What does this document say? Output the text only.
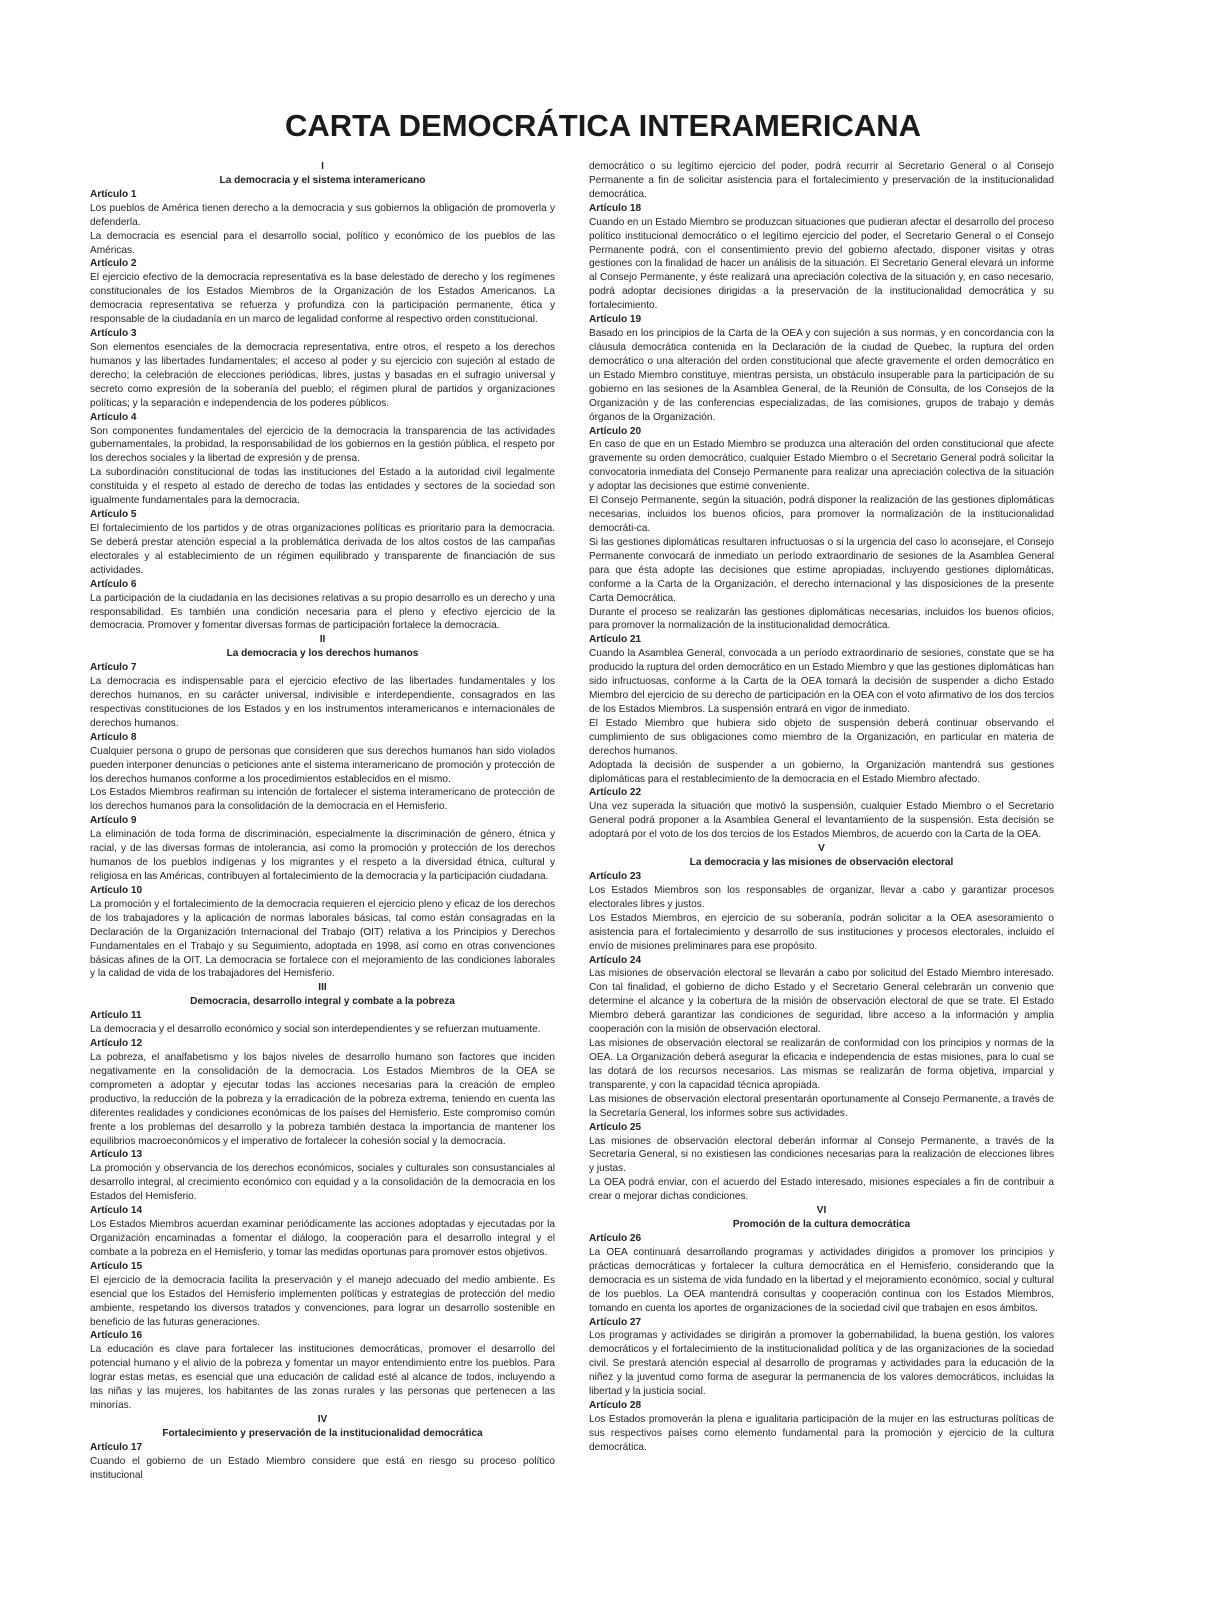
CARTA DEMOCRÁTICA INTERAMERICANA
I
La democracia y el sistema interamericano
Artículo 1

Los pueblos de América tienen derecho a la democracia y sus gobiernos la obligación de promoverla y defenderla.

La democracia es esencial para el desarrollo social, político y económico de los pueblos de las Américas.

Artículo 2

El ejercicio efectivo de la democracia representativa es la base delestado de derecho y los regímenes constitucionales de los Estados Miembros de la Organización de los Estados Americanos. La democracia representativa se refuerza y profundiza con la participación permanente, ética y responsable de la ciudadanía en un marco de legalidad conforme al respectivo orden constitucional.

Artículo 3

Son elementos esenciales de la democracia representativa, entre otros, el respeto a los derechos humanos y las libertades fundamentales; el acceso al poder y su ejercicio con sujeción al estado de derecho; la celebración de elecciones periódicas, libres, justas y basadas en el sufragio universal y secreto como expresión de la soberanía del pueblo; el régimen plural de partidos y organizaciones políticas; y la separación e independencia de los poderes públicos.

Artículo 4

Son componentes fundamentales del ejercicio de la democracia la transparencia de las actividades gubernamentales, la probidad, la responsabilidad de los gobiernos en la gestión pública, el respeto por los derechos sociales y la libertad de expresión y de prensa.

La subordinación constitucional de todas las instituciones del Estado a la autoridad civil legalmente constituida y el respeto al estado de derecho de todas las entidades y sectores de la sociedad son igualmente fundamentales para la democracia.

Artículo 5

El fortalecimiento de los partidos y de otras organizaciones políticas es prioritario para la democracia. Se deberá prestar atención especial a la problemática derivada de los altos costos de las campañas electorales y al establecimiento de un régimen equilibrado y transparente de financiación de sus actividades.

Artículo 6

La participación de la ciudadanía en las decisiones relativas a su propio desarrollo es un derecho y una responsabilidad. Es también una condición necesaria para el pleno y efectivo ejercicio de la democracia. Promover y fomentar diversas formas de participación fortalece la democracia.

II
La democracia y los derechos humanos
Artículo 7

La democracia es indispensable para el ejercicio efectivo de las libertades fundamentales y los derechos humanos, en su carácter universal, indivisible e interdependiente, consagrados en las respectivas constituciones de los Estados y en los instrumentos interamericanos e internacionales de derechos humanos.

Artículo 8

Cualquier persona o grupo de personas que consideren que sus derechos humanos han sido violados pueden interponer denuncias o peticiones ante el sistema interamericano de promoción y protección de los derechos humanos conforme a los procedimientos establecidos en el mismo.

Los Estados Miembros reafirman su intención de fortalecer el sistema interamericano de protección de los derechos humanos para la consolidación de la democracia en el Hemisferio.

Artículo 9

La eliminación de toda forma de discriminación, especialmente la discriminación de género, étnica y racial, y de las diversas formas de intolerancia, así como la promoción y protección de los derechos humanos de los pueblos indígenas y los migrantes y el respeto a la diversidad étnica, cultural y religiosa en las Américas, contribuyen al fortalecimiento de la democracia y la participación ciudadana.

Artículo 10

La promoción y el fortalecimiento de la democracia requieren el ejercicio pleno y eficaz de los derechos de los trabajadores y la aplicación de normas laborales básicas, tal como están consagradas en la Declaración de la Organización Internacional del Trabajo (OIT) relativa a los Principios y Derechos Fundamentales en el Trabajo y su Seguimiento, adoptada en 1998, así como en otras convenciones básicas afines de la OIT. La democracia se fortalece con el mejoramiento de las condiciones laborales y la calidad de vida de los trabajadores del Hemisferio.

III
Democracia, desarrollo integral y combate a la pobreza
Artículo 11

La democracia y el desarrollo económico y social son interdependientes y se refuerzan mutuamente.

Artículo 12

La pobreza, el analfabetismo y los bajos niveles de desarrollo humano son factores que inciden negativamente en la consolidación de la democracia. Los Estados Miembros de la OEA se comprometen a adoptar y ejecutar todas las acciones necesarias para la creación de empleo productivo, la reducción de la pobreza y la erradicación de la pobreza extrema, teniendo en cuenta las diferentes realidades y condiciones económicas de los países del Hemisferio. Este compromiso común frente a los problemas del desarrollo y la pobreza también destaca la importancia de mantener los equilibrios macroeconómicos y el imperativo de fortalecer la cohesión social y la democracia.

Artículo 13

La promoción y observancia de los derechos económicos, sociales y culturales son consustanciales al desarrollo integral, al crecimiento económico con equidad y a la consolidación de la democracia en los Estados del Hemisferio.

Artículo 14

Los Estados Miembros acuerdan examinar periódicamente las acciones adoptadas y ejecutadas por la Organización encaminadas a fomentar el diálogo, la cooperación para el desarrollo integral y el combate a la pobreza en el Hemisferio, y tomar las medidas oportunas para promover estos objetivos.

Artículo 15

El ejercicio de la democracia facilita la preservación y el manejo adecuado del medio ambiente. Es esencial que los Estados del Hemisferio implementen políticas y estrategias de protección del medio ambiente, respetando los diversos tratados y convenciones, para lograr un desarrollo sostenible en beneficio de las futuras generaciones.

Artículo 16

La educación es clave para fortalecer las instituciones democráticas, promover el desarrollo del potencial humano y el alivio de la pobreza y fomentar un mayor entendimiento entre los pueblos. Para lograr estas metas, es esencial que una educación de calidad esté al alcance de todos, incluyendo a las niñas y las mujeres, los habitantes de las zonas rurales y las personas que pertenecen a las minorías.

IV
Fortalecimiento y preservación de la institucionalidad democrática
Artículo 17

Cuando el gobierno de un Estado Miembro considere que está en riesgo su proceso político institucional

democrático o su legítimo ejercicio del poder, podrá recurrir al Secretario General o al Consejo Permanente a fin de solicitar asistencia para el fortalecimiento y preservación de la institucionalidad democrática.

Artículo 18

Cuando en un Estado Miembro se produzcan situaciones que pudieran afectar el desarrollo del proceso político institucional democrático o el legítimo ejercicio del poder, el Secretario General o el Consejo Permanente podrá, con el consentimiento previo del gobierno afectado, disponer visitas y otras gestiones con la finalidad de hacer un análisis de la situación. El Secretario General elevará un informe al Consejo Permanente, y éste realizará una apreciación colectiva de la situación y, en caso necesario, podrá adoptar decisiones dirigidas a la preservación de la institucionalidad democrática y su fortalecimiento.

Artículo 19

Basado en los principios de la Carta de la OEA y con sujeción a sus normas, y en concordancia con la cláusula democrática contenida en la Declaración de la ciudad de Quebec, la ruptura del orden democrático o una alteración del orden constitucional que afecte gravemente el orden democrático en un Estado Miembro constituye, mientras persista, un obstáculo insuperable para la participación de su gobierno en las sesiones de la Asamblea General, de la Reunión de Consulta, de los Consejos de la Organización y de las conferencias especializadas, de las comisiones, grupos de trabajo y demás órganos de la Organización.

Artículo 20

En caso de que en un Estado Miembro se produzca una alteración del orden constitucional que afecte gravemente su orden democrático, cualquier Estado Miembro o el Secretario General podrá solicitar la convocatoria inmediata del Consejo Permanente para realizar una apreciación colectiva de la situación y adoptar las decisiones que estime conveniente.

El Consejo Permanente, según la situación, podrá disponer la realización de las gestiones diplomáticas necesarias, incluidos los buenos oficios, para promover la normalización de la institucionalidad democráti-ca.

Si las gestiones diplomáticas resultaren infructuosas o si la urgencia del caso lo aconsejare, el Consejo Permanente convocará de inmediato un período extraordinario de sesiones de la Asamblea General para que ésta adopte las decisiones que estime apropiadas, incluyendo gestiones diplomáticas, conforme a la Carta de la Organización, el derecho internacional y las disposiciones de la presente Carta Democrática.

Durante el proceso se realizarán las gestiones diplomáticas necesarias, incluidos los buenos oficios, para promover la normalización de la institucionalidad democrática.

Artículo 21

Cuando la Asamblea General, convocada a un período extraordinario de sesiones, constate que se ha producido la ruptura del orden democrático en un Estado Miembro y que las gestiones diplomáticas han sido infructuosas, conforme a la Carta de la OEA tomará la decisión de suspender a dicho Estado Miembro del ejercicio de su derecho de participación en la OEA con el voto afirmativo de los dos tercios de los Estados Miembros. La suspensión entrará en vigor de inmediato.

El Estado Miembro que hubiera sido objeto de suspensión deberá continuar observando el cumplimiento de sus obligaciones como miembro de la Organización, en particular en materia de derechos humanos.

Adoptada la decisión de suspender a un gobierno, la Organización mantendrá sus gestiones diplomáticas para el restablecimiento de la democracia en el Estado Miembro afectado.

Artículo 22

Una vez superada la situación que motivó la suspensión, cualquier Estado Miembro o el Secretario General podrá proponer a la Asamblea General el levantamiento de la suspensión. Esta decisión se adoptará por el voto de los dos tercios de los Estados Miembros, de acuerdo con la Carta de la OEA.

V
La democracia y las misiones de observación electoral
Artículo 23

Los Estados Miembros son los responsables de organizar, llevar a cabo y garantizar procesos electorales libres y justos.

Los Estados Miembros, en ejercicio de su soberanía, podrán solicitar a la OEA asesoramiento o asistencia para el fortalecimiento y desarrollo de sus instituciones y procesos electorales, incluido el envío de misiones preliminares para ese propósito.

Artículo 24

Las misiones de observación electoral se llevarán a cabo por solicitud del Estado Miembro interesado. Con tal finalidad, el gobierno de dicho Estado y el Secretario General celebrarán un convenio que determine el alcance y la cobertura de la misión de observación electoral de que se trate. El Estado Miembro deberá garantizar las condiciones de seguridad, libre acceso a la información y amplia cooperación con la misión de observación electoral.

Las misiones de observación electoral se realizarán de conformidad con los principios y normas de la OEA. La Organización deberá asegurar la eficacia e independencia de estas misiones, para lo cual se las dotará de los recursos necesarios. Las mismas se realizarán de forma objetiva, imparcial y transparente, y con la capacidad técnica apropiada.

Las misiones de observación electoral presentarán oportunamente al Consejo Permanente, a través de la Secretaría General, los informes sobre sus actividades.

Artículo 25

Las misiones de observación electoral deberán informar al Consejo Permanente, a través de la Secretaría General, si no existiesen las condiciones necesarias para la realización de elecciones libres y justas.

La OEA podrá enviar, con el acuerdo del Estado interesado, misiones especiales a fin de contribuir a crear o mejorar dichas condiciones.

VI
Promoción de la cultura democrática
Artículo 26

La OEA continuará desarrollando programas y actividades dirigidos a promover los principios y prácticas democráticas y fortalecer la cultura democrática en el Hemisferio, considerando que la democracia es un sistema de vida fundado en la libertad y el mejoramiento económico, social y cultural de los pueblos. La OEA mantendrá consultas y cooperación continua con los Estados Miembros, tomando en cuenta los aportes de organizaciones de la sociedad civil que trabajen en esos ámbitos.

Artículo 27

Los programas y actividades se dirigirán a promover la gobernabilidad, la buena gestión, los valores democráticos y el fortalecimiento de la institucionalidad política y de las organizaciones de la sociedad civil. Se prestará atención especial al desarrollo de programas y actividades para la educación de la niñez y la juventud como forma de asegurar la permanencia de los valores democráticos, incluidas la libertad y la justicia social.

Artículo 28

Los Estados promoverán la plena e igualitaria participación de la mujer en las estructuras políticas de sus respectivos países como elemento fundamental para la promoción y ejercicio de la cultura democrática.
